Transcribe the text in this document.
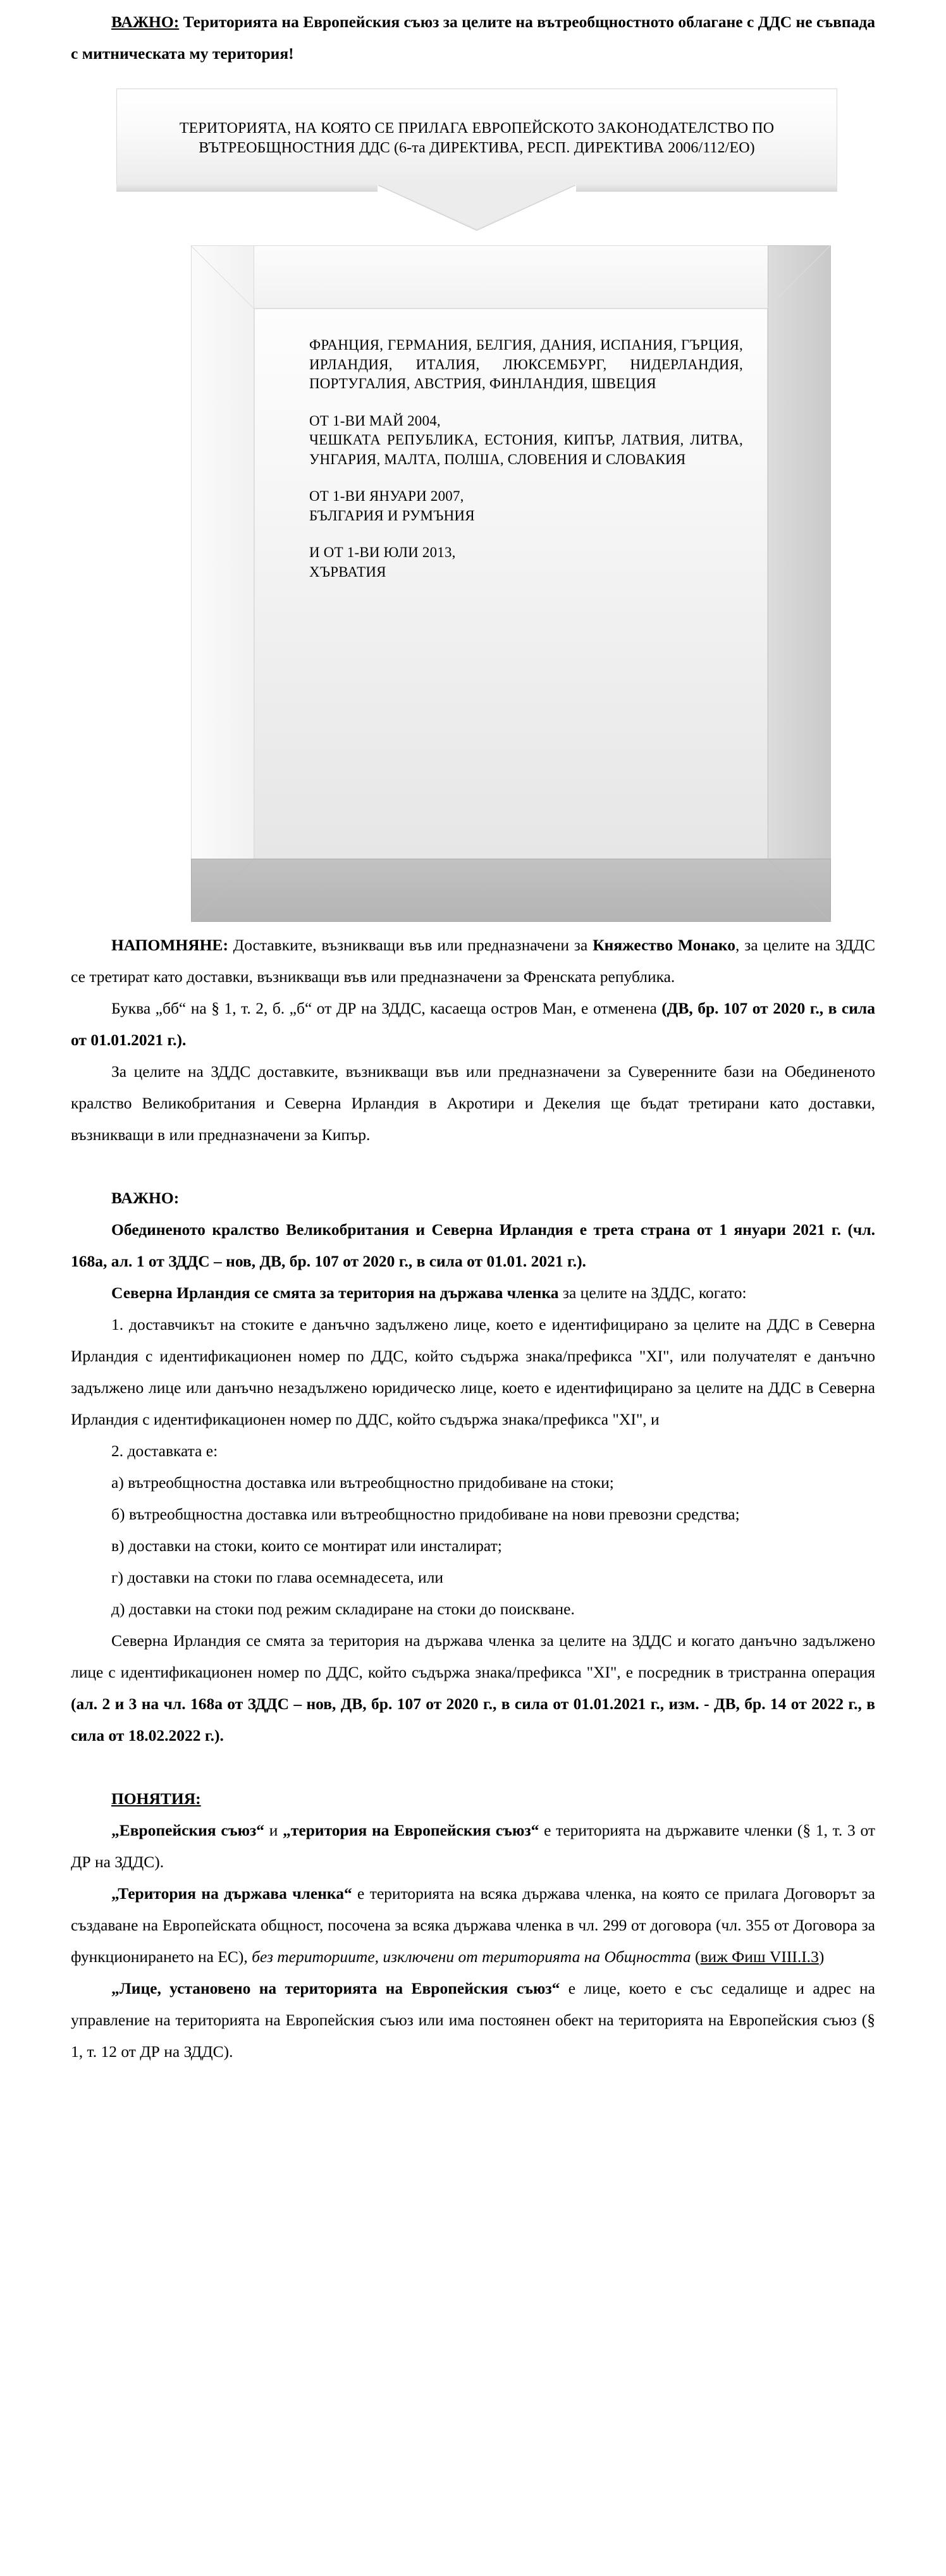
ВАЖНО: Територията на Европейския съюз за целите на вътреобщностното облагане с ДДС не съвпада с митническата му територия!

ТЕРИТОРИЯТА, НА КОЯТО СЕ ПРИЛАГА ЕВРОПЕЙСКОТО ЗАКОНОДАТЕЛСТВО ПО ВЪТРЕОБЩНОСТНИЯ ДДС (6-та ДИРЕКТИВА, РЕСП. ДИРЕКТИВА 2006/112/ЕО)
ФРАНЦИЯ, ГЕРМАНИЯ, БЕЛГИЯ, ДАНИЯ, ИСПАНИЯ, ГЪРЦИЯ, ИРЛАНДИЯ, ИТАЛИЯ, ЛЮКСЕМБУРГ, НИДЕРЛАНДИЯ, ПОРТУГАЛИЯ, АВСТРИЯ, ФИНЛАНДИЯ, ШВЕЦИЯ
ОТ 1-ВИ МАЙ 2004,
ЧЕШКАТА РЕПУБЛИКА, ЕСТОНИЯ, КИПЪР, ЛАТВИЯ, ЛИТВА, УНГАРИЯ, МАЛТА, ПОЛША, СЛОВЕНИЯ И СЛОВАКИЯ
ОТ 1-ВИ ЯНУАРИ 2007,
БЪЛГАРИЯ И РУМЪНИЯ
И ОТ 1-ВИ ЮЛИ 2013,
ХЪРВАТИЯ

НАПОМНЯНЕ: Доставките, възникващи във или предназначени за Княжество Монако, за целите на ЗДДС се третират като доставки, възникващи във или предназначени за Френската република.

Буква „бб“ на § 1, т. 2, б. „б“ от ДР на ЗДДС, касаеща остров Ман, е отменена (ДВ, бр. 107 от 2020 г., в сила от 01.01.2021 г.).

За целите на ЗДДС доставките, възникващи във или предназначени за Суверенните бази на Обединеното кралство Великобритания и Северна Ирландия в Акротири и Декелия ще бъдат третирани като доставки, възникващи в или предназначени за Кипър.

ВАЖНО:

Обединеното кралство Великобритания и Северна Ирландия е трета страна от 1 януари 2021 г. (чл. 168а, ал. 1 от ЗДДС – нов, ДВ, бр. 107 от 2020 г., в сила от 01.01. 2021 г.).

Северна Ирландия се смята за територия на държава членка за целите на ЗДДС, когато:

1. доставчикът на стоките е данъчно задължено лице, което е идентифицирано за целите на ДДС в Северна Ирландия с идентификационен номер по ДДС, който съдържа знака/префикса "XI", или получателят е данъчно задължено лице или данъчно незадължено юридическо лице, което е идентифицирано за целите на ДДС в Северна Ирландия с идентификационен номер по ДДС, който съдържа знака/префикса "XI", и

2. доставката е:

а) вътреобщностна доставка или вътреобщностно придобиване на стоки;

б) вътреобщностна доставка или вътреобщностно придобиване на нови превозни средства;

в) доставки на стоки, които се монтират или инсталират;

г) доставки на стоки по глава осемнадесета, или

д) доставки на стоки под режим складиране на стоки до поискване.

Северна Ирландия се смята за територия на държава членка за целите на ЗДДС и когато данъчно задължено лице с идентификационен номер по ДДС, който съдържа знака/префикса "XI", е посредник в тристранна операция (ал. 2 и 3 на чл. 168а от ЗДДС – нов, ДВ, бр. 107 от 2020 г., в сила от 01.01.2021 г., изм. - ДВ, бр. 14 от 2022 г., в сила от 18.02.2022 г.).

ПОНЯТИЯ:

„Европейския съюз“ и „територия на Европейския съюз“ е територията на държавите членки (§ 1, т. 3 от ДР на ЗДДС).

„Територия на държава членка“ е територията на всяка държава членка, на която се прилага Договорът за създаване на Европейската общност, посочена за всяка държава членка в чл. 299 от договора (чл. 355 от Договора за функционирането на ЕС), без териториите, изключени от територията на Общността (виж Фиш VIII.I.3)

„Лице, установено на територията на Европейския съюз“ е лице, което е със седалище и адрес на управление на територията на Европейския съюз или има постоянен обект на територията на Европейския съюз (§ 1, т. 12 от ДР на ЗДДС).
